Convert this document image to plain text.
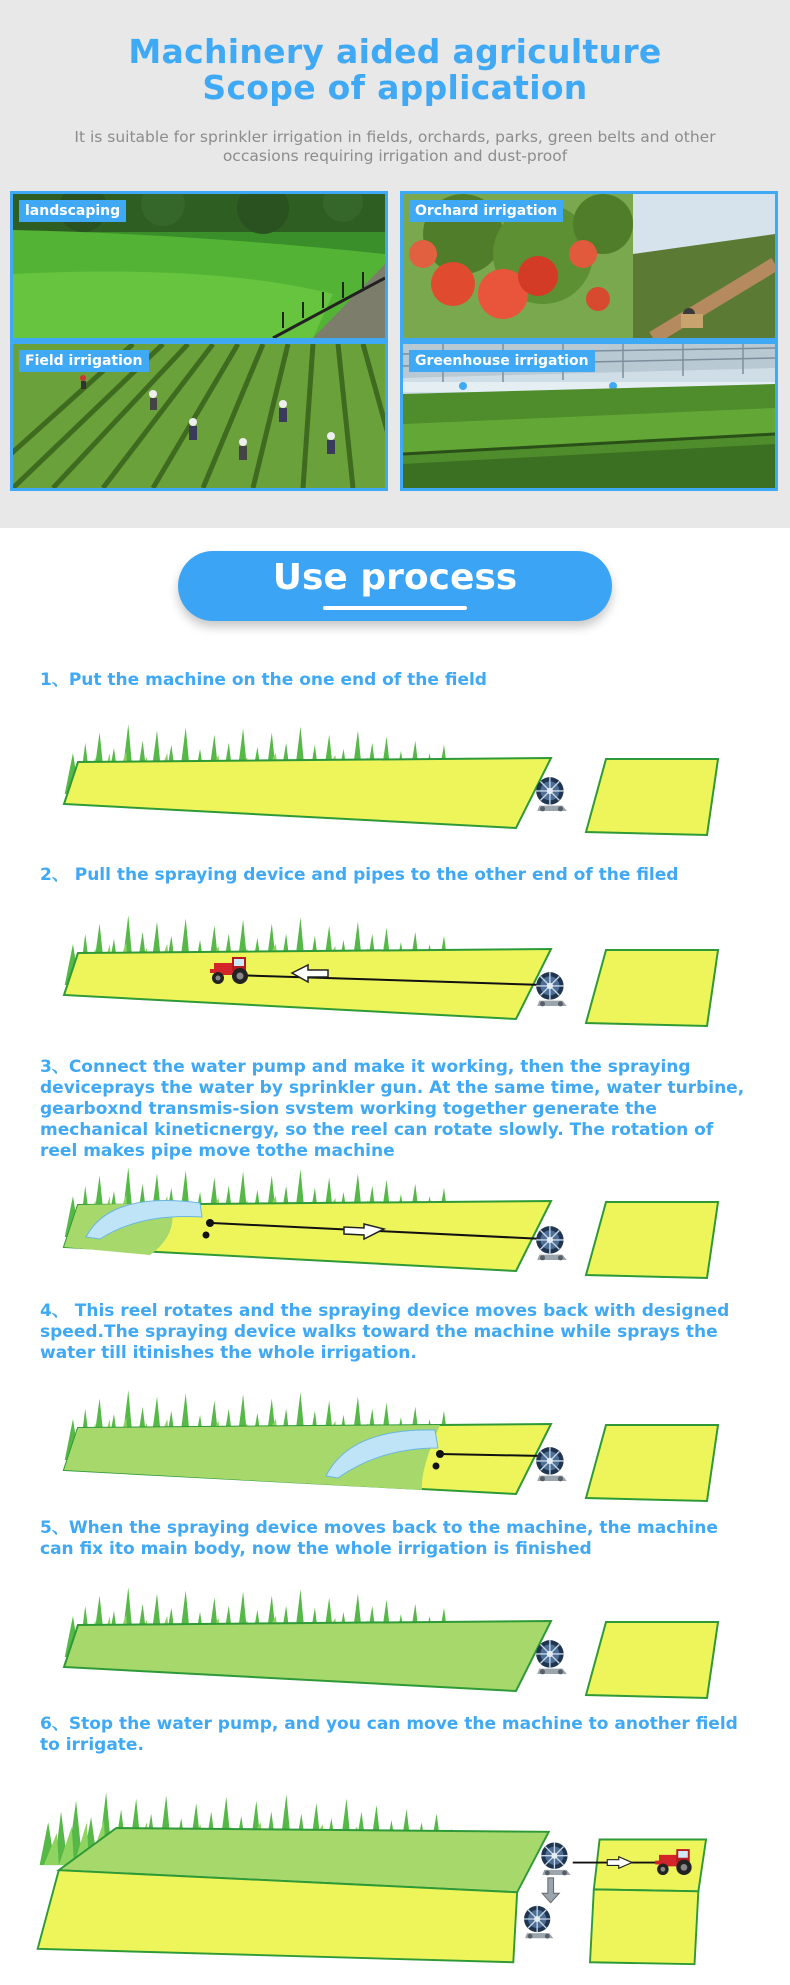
Machinery aided agriculture
Scope of application
It is suitable for sprinkler irrigation in fields, orchards, parks, green belts and other occasions requiring irrigation and dust-proof
landscaping	Orchard irrigation
Field irrigation	Greenhouse irrigation
Use process
1、Put the machine on the one end of the field
2、 Pull the spraying device and pipes to the other end of the filed
3、Connect the water pump and make it working, then the spraying deviceprays the water by sprinkler gun. At the same time, water turbine, gearboxnd transmis-sion svstem working together generate the mechanical kineticnergy, so the reel can rotate slowly. The rotation of reel makes pipe move tothe machine
4、 This reel rotates and the spraying device moves back with designed speed.The spraying device walks toward the machine while sprays the water till itinishes the whole irrigation.
5、When the spraying device moves back to the machine, the machine can fix ito main body, now the whole irrigation is finished
6、Stop the water pump, and you can move the machine to another field to irrigate.
